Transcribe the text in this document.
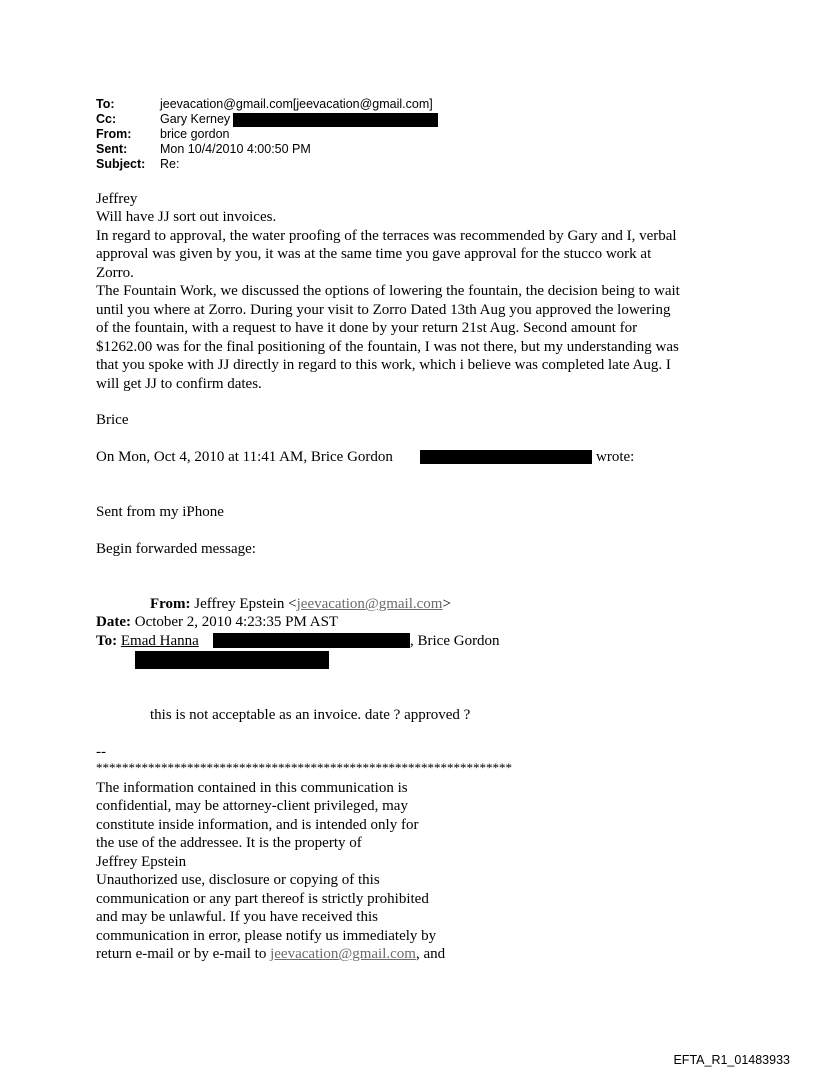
To:	jeevacation@gmail.com[jeevacation@gmail.com]
Cc:	Gary Kerney
From: brice gordon
Sent:	Mon 10/4/2010 4:00:50 PM
Subject: Re:
Jeffrey
Will have JJ sort out invoices.
In regard to approval, the water proofing of the terraces was recommended by Gary and I, verbal
approval was given by you, it was at the same time you gave approval for the stucco work at
Zorro.
The Fountain Work, we discussed the options of lowering the fountain, the decision being to wait
until you where at Zorro. During your visit to Zorro Dated 13th Aug you approved the lowering
of the fountain, with a request to have it done by your return 21st Aug. Second amount for
$1262.00 was for the final positioning of the fountain, I was not there, but my understanding was
that you spoke with JJ directly in regard to this work, which i believe was completed late Aug. I
will get JJ to confirm dates.
Brice
On Mon, Oct 4, 2010 at 11:41 AM, Brice Gordon	wrote:
Sent from my iPhone
Begin forwarded message:
From: Jeffrey Epstein <jeevacation@gmail.com>
Date: October 2, 2010 4:23:35 PM AST
To: Emad Hanna	, Brice Gordon
this is not acceptable as an invoice. date ? approved ?
--
****************************************************************
The information contained in this communication is
confidential, may be attorney-client privileged, may
constitute inside information, and is intended only for
the use of the addressee. It is the property of
Jeffrey Epstein
Unauthorized use, disclosure or copying of this
communication or any part thereof is strictly prohibited
and may be unlawful. If you have received this
communication in error, please notify us immediately by
return e-mail or by e-mail to jeevacation@gmail.com, and
EFTA_R1_01483933
